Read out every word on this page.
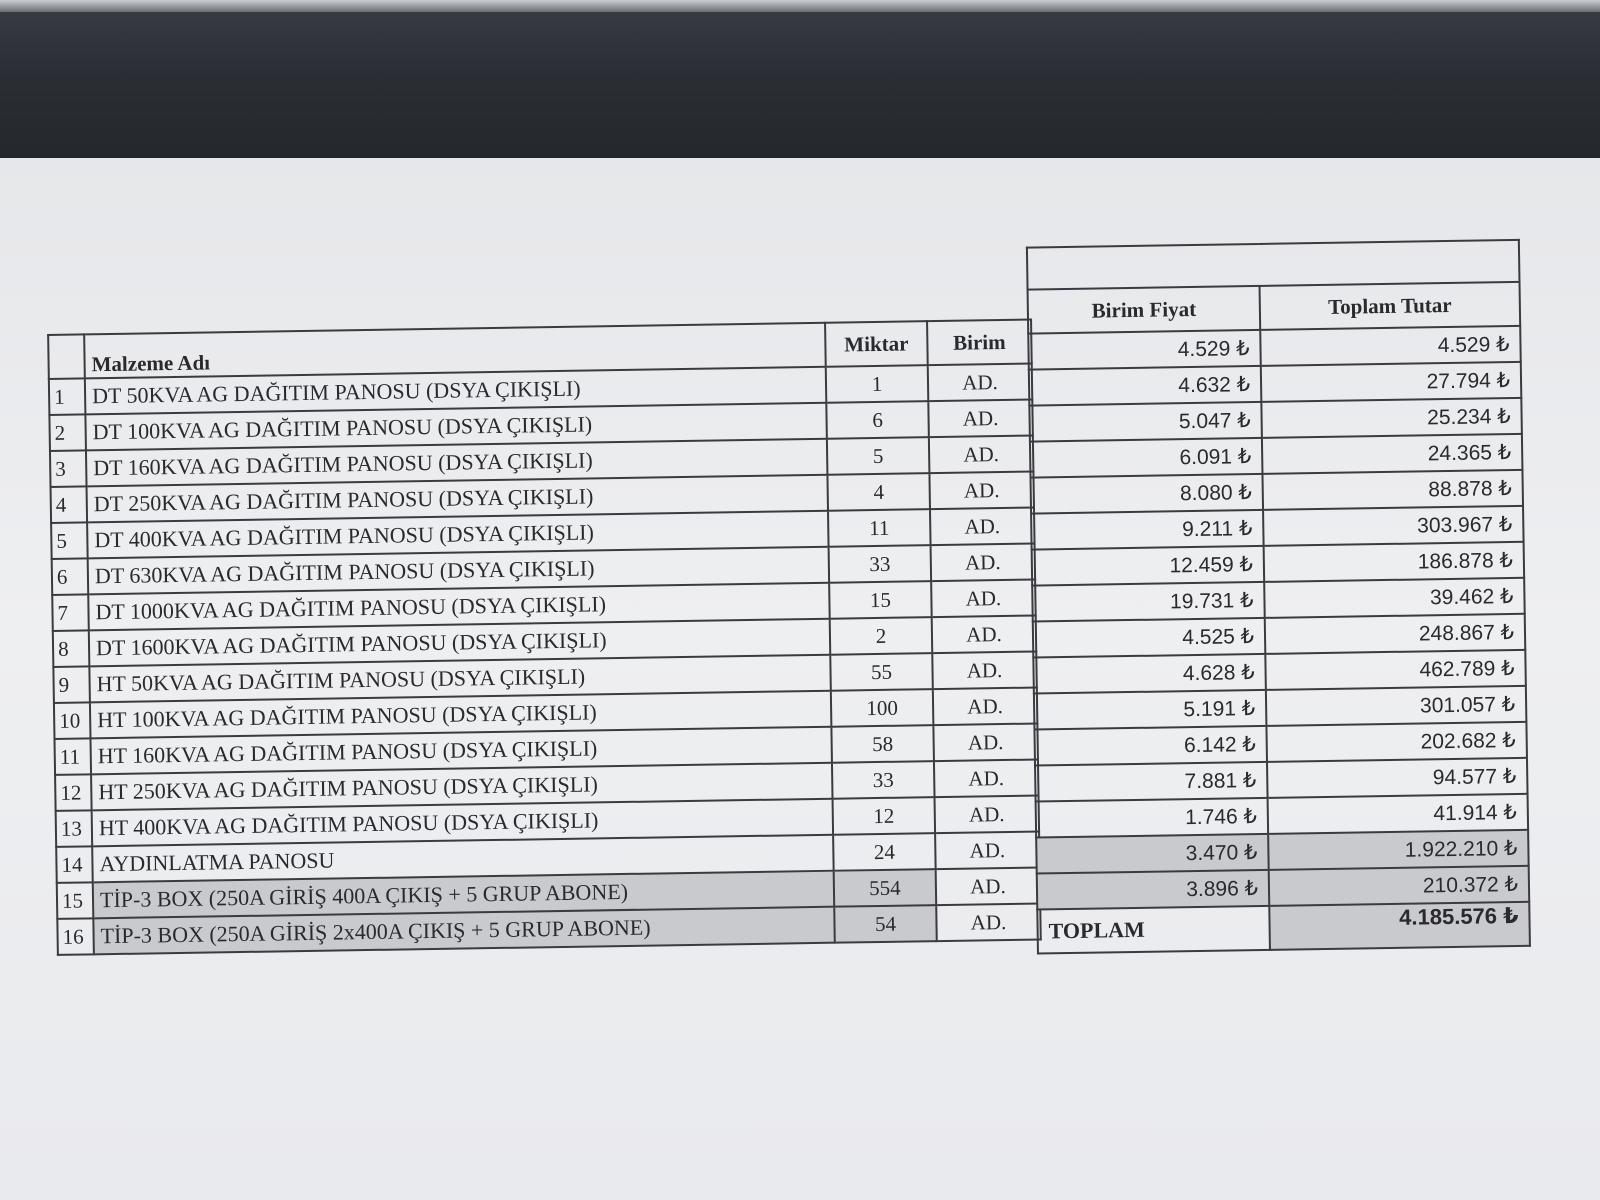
	Malzeme Adı	Miktar	Birim
1	DT 50KVA AG DAĞITIM PANOSU (DSYA ÇIKIŞLI)	1	AD.
2	DT 100KVA AG DAĞITIM PANOSU (DSYA ÇIKIŞLI)	6	AD.
3	DT 160KVA AG DAĞITIM PANOSU (DSYA ÇIKIŞLI)	5	AD.
4	DT 250KVA AG DAĞITIM PANOSU (DSYA ÇIKIŞLI)	4	AD.
5	DT 400KVA AG DAĞITIM PANOSU (DSYA ÇIKIŞLI)	11	AD.
6	DT 630KVA AG DAĞITIM PANOSU (DSYA ÇIKIŞLI)	33	AD.
7	DT 1000KVA AG DAĞITIM PANOSU (DSYA ÇIKIŞLI)	15	AD.
8	DT 1600KVA AG DAĞITIM PANOSU (DSYA ÇIKIŞLI)	2	AD.
9	HT 50KVA AG DAĞITIM PANOSU (DSYA ÇIKIŞLI)	55	AD.
10	HT 100KVA AG DAĞITIM PANOSU (DSYA ÇIKIŞLI)	100	AD.
11	HT 160KVA AG DAĞITIM PANOSU (DSYA ÇIKIŞLI)	58	AD.
12	HT 250KVA AG DAĞITIM PANOSU (DSYA ÇIKIŞLI)	33	AD.
13	HT 400KVA AG DAĞITIM PANOSU (DSYA ÇIKIŞLI)	12	AD.
14	AYDINLATMA PANOSU	24	AD.
15	TİP-3 BOX (250A GİRİŞ 400A ÇIKIŞ + 5 GRUP ABONE)	554	AD.
16	TİP-3 BOX (250A GİRİŞ 2x400A ÇIKIŞ + 5 GRUP ABONE)	54	AD.

Birim Fiyat	Toplam Tutar
4.529 ₺	4.529 ₺
4.632 ₺	27.794 ₺
5.047 ₺	25.234 ₺
6.091 ₺	24.365 ₺
8.080 ₺	88.878 ₺
9.211 ₺	303.967 ₺
12.459 ₺	186.878 ₺
19.731 ₺	39.462 ₺
4.525 ₺	248.867 ₺
4.628 ₺	462.789 ₺
5.191 ₺	301.057 ₺
6.142 ₺	202.682 ₺
7.881 ₺	94.577 ₺
1.746 ₺	41.914 ₺
3.470 ₺	1.922.210 ₺
3.896 ₺	210.372 ₺
TOPLAM	4.185.576 ₺
